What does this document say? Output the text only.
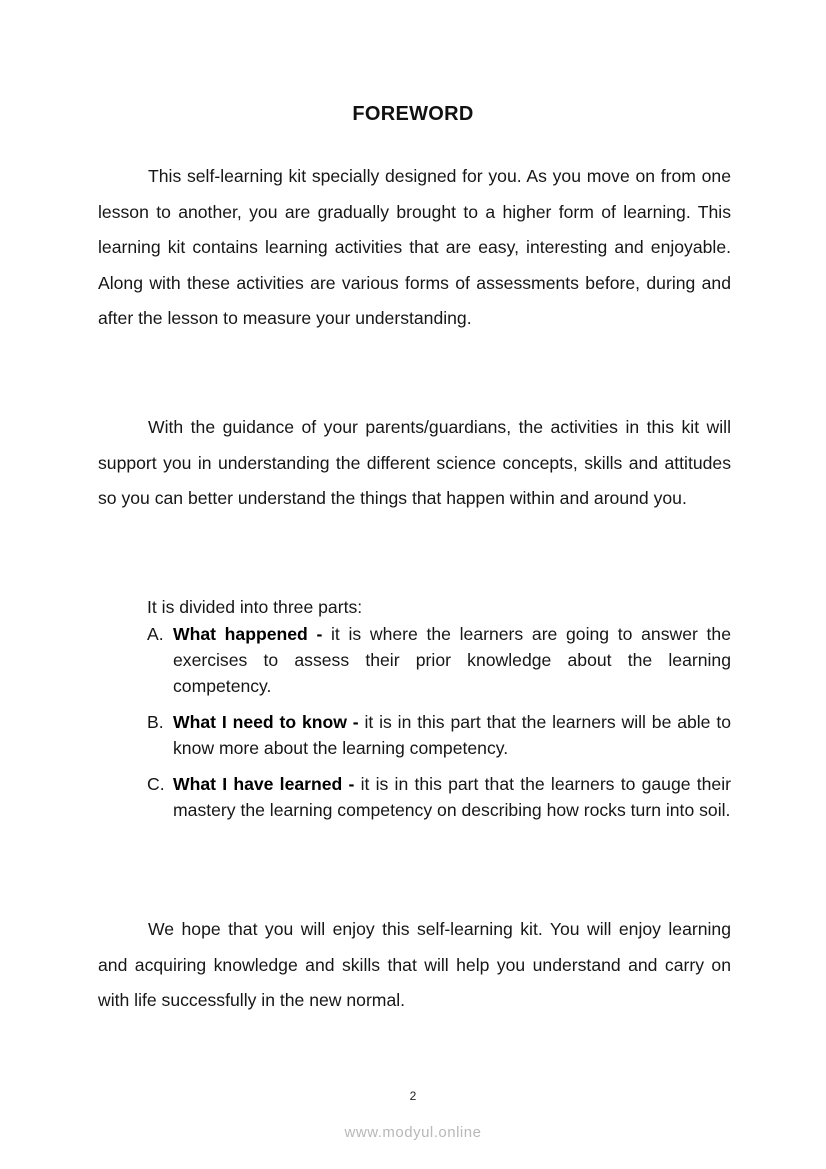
FOREWORD

This self-learning kit specially designed for you. As you move on from one lesson to another, you are gradually brought to a higher form of learning. This learning kit contains learning activities that are easy, interesting and enjoyable. Along with these activities are various forms of assessments before, during and after the lesson to measure your understanding.

With the guidance of your parents/guardians, the activities in this kit will support you in understanding the different science concepts, skills and attitudes so you can better understand the things that happen within and around you.

It is divided into three parts:
A. What happened - it is where the learners are going to answer the exercises to assess their prior knowledge about the learning competency.
B. What I need to know - it is in this part that the learners will be able to know more about the learning competency.
C. What I have learned - it is in this part that the learners to gauge their mastery the learning competency on describing how rocks turn into soil.

We hope that you will enjoy this self-learning kit. You will enjoy learning and acquiring knowledge and skills that will help you understand and carry on with life successfully in the new normal.

2
www.modyul.online
